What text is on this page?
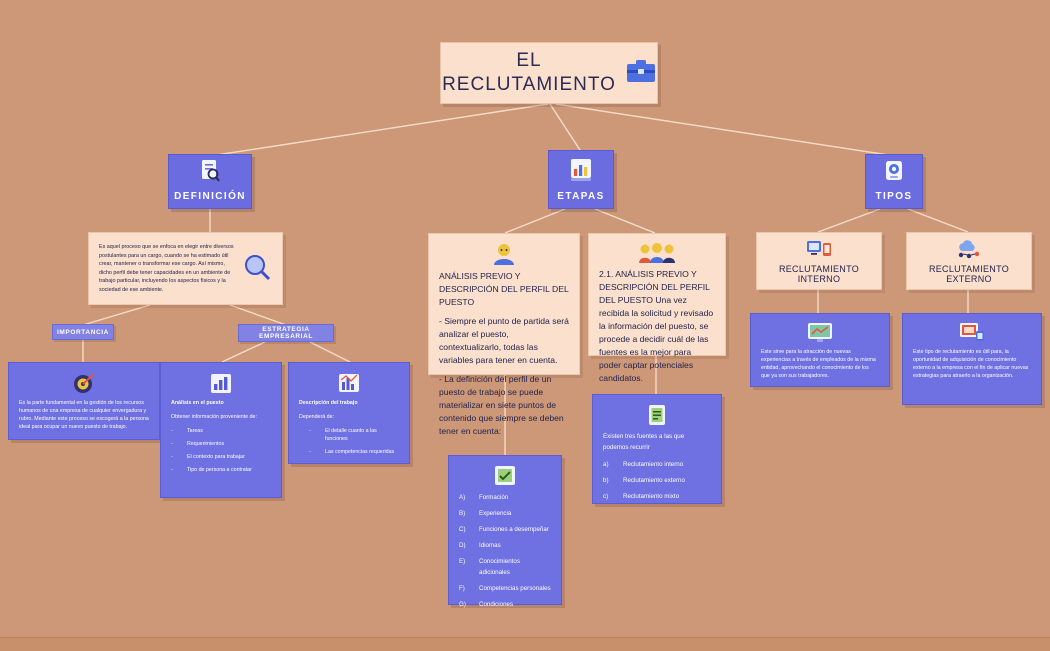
EL
RECLUTAMIENTO
DEFINICIÓN
Es aquel proceso que se enfoca en elegir entre diversos postulantes para un cargo, cuando se ha estimado útil crear, mantener o transformar ese cargo. Así mismo, dicho perfil debe tener capacidades en un ambiente de trabajo particular, incluyendo los aspectos físicos y la sociedad de ese ambiente.
IMPORTANCIA	ESTRATEGIA EMPRESARIAL
Es la parte fundamental en la gestión de los recursos humanos de una empresa de cualquier envergadura y rubro. Mediante este proceso se escogerá a la persona ideal para ocupar un nuevo puesto de trabajo.

Análisis en el puesto

Obtener información proveniente de:

-	Tareas
-	Requerimientos
-	El contexto para trabajar
-	Tipo de persona a contratar

Descripción del trabajo

Dependerá de:

-	El detalle cuanto a las funciones
-	Las competencias requeridas
ETAPAS

ANÁLISIS PREVIO Y DESCRIPCIÓN DEL PERFIL DEL PUESTO

- Siempre el punto de partida será analizar el puesto, contextualizarlo, todas las variables para tener en cuenta.

- La definición del perfil de un puesto de trabajo se puede materializar en siete puntos de contenido que siempre se deben tener en cuenta:

A)	Formación
B)	Experiencia
C)	Funciones a desempeñar
D)	Idiomas
E)	Conocimientos adicionales
F)	Competencias personales
G)	Condiciones

2.1. ANÁLISIS PREVIO Y DESCRIPCIÓN DEL PERFIL DEL PUESTO Una vez recibida la solicitud y revisado la información del puesto, se procede a decidir cuál de las fuentes es la mejor para poder captar potenciales candidatos.

Existen tres fuentes a las que podemos recurrir

a)	Reclutamiento interno
b)	Reclutamiento externo
c)	Reclutamiento mixto
TIPOS
RECLUTAMIENTO INTERNO
Este sirve para la atracción de nuevas experiencias a través de empleados de la misma entidad, aprovechando el conocimiento de los que ya son sus trabajadores.
RECLUTAMIENTO EXTERNO
Este tipo de reclutamiento es útil para, la oportunidad de adquisición de conocimiento externo a la empresa con el fin de aplicar nuevas estrategias para atraerlo a la organización.
